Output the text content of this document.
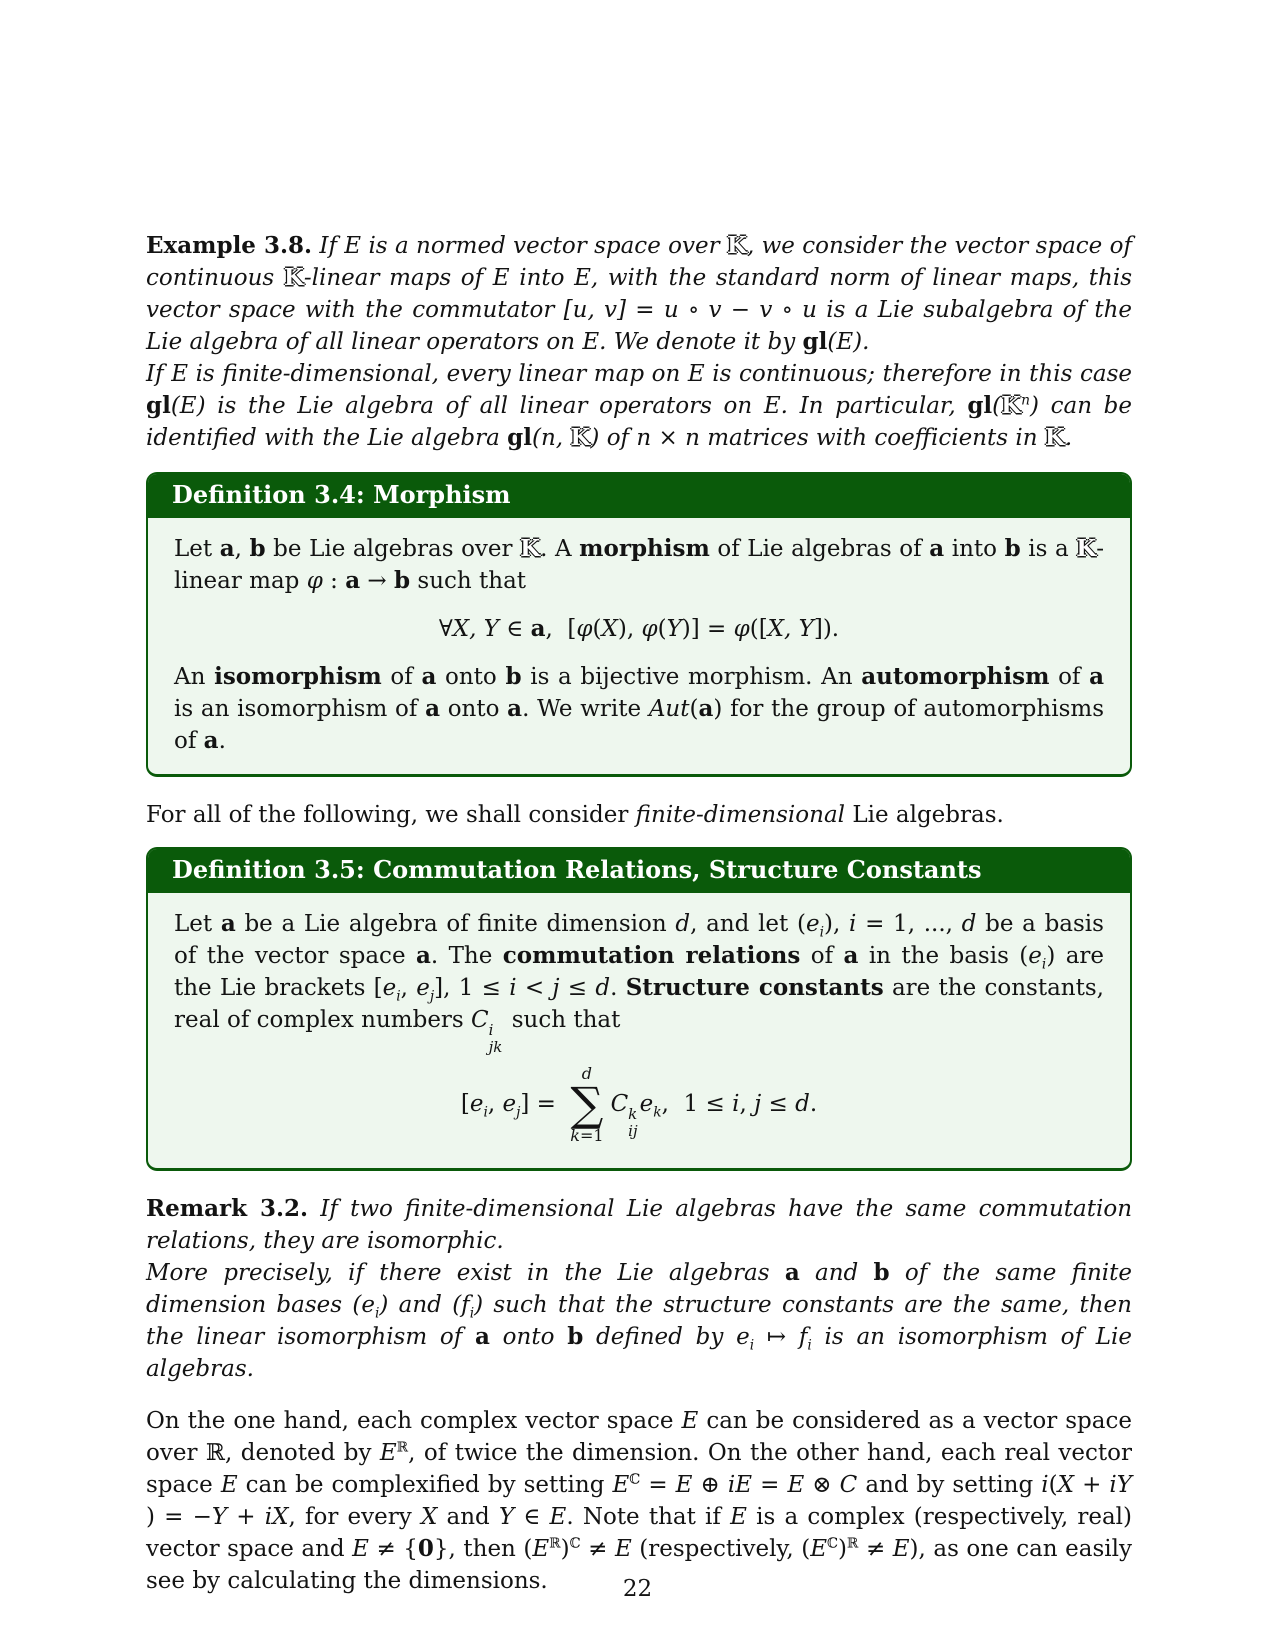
Example 3.8. If E is a normed vector space over K, we consider the vector space of continuous K-linear maps of E into E, with the standard norm of linear maps, this vector space with the commutator [u, v] = u ∘ v − v ∘ u is a Lie subalgebra of the Lie algebra of all linear operators on E. We denote it by gl(E).
If E is finite-dimensional, every linear map on E is continuous; therefore in this case gl(E) is the Lie algebra of all linear operators on E. In particular, $gl(K^n)$ can be identified with the Lie algebra gl(n, K) of n × n matrices with coefficients in K.

Definition 3.4: Morphism

Let a, b be Lie algebras over K. A morphism of Lie algebras of a into b is a K-linear map φ : a → b such that

∀X, Y ∈ a,  [φ(X), φ(Y)] = φ([X, Y]).

An isomorphism of a onto b is a bijective morphism. An automorphism of a is an isomorphism of a onto a. We write Aut(a) for the group of automorphisms of a.

For all of the following, we shall consider finite-dimensional Lie algebras.

Definition 3.5: Commutation Relations, Structure Constants

Let a be a Lie algebra of finite dimension d, and let $(e_i)$, i = 1, ..., d be a basis of the vector space a. The commutation relations of a in the basis $(e_i)$ are the Lie brackets [$e_i$, $e_j$], 1 ≤ i < j ≤ d. Structure constants are the constants, real of complex numbers C i
jk
such that

[$e_i$, $e_j$] =
d
∑
k=1
C k
ij
$e_k$,  1 ≤ i, j ≤ d.

Remark 3.2. If two finite-dimensional Lie algebras have the same commutation relations, they are isomorphic.
More precisely, if there exist in the Lie algebras a and b of the same finite dimension bases $(e_i)$ and $(f_i)$ such that the structure constants are the same, then the linear isomorphism of a onto b defined by $e_i$ ↦ $f_i$ is an isomorphism of Lie algebras.

On the one hand, each complex vector space E can be considered as a vector space over ℝ, denoted by $E^ℝ$, of twice the dimension. On the other hand, each real vector space E can be complexified by setting $E^ℂ = E$ ⊕ iE = E ⊗ C and by setting i(X + iY ) = −Y + iX, for every X and Y ∈ E. Note that if E is a complex (respectively, real) vector space and E ≠ {0}, then $(E^ℝ)^ℂ \ne E$ (respectively, $(E^ℂ)^ℝ \ne E$), as one can easily see by calculating the dimensions.	22
